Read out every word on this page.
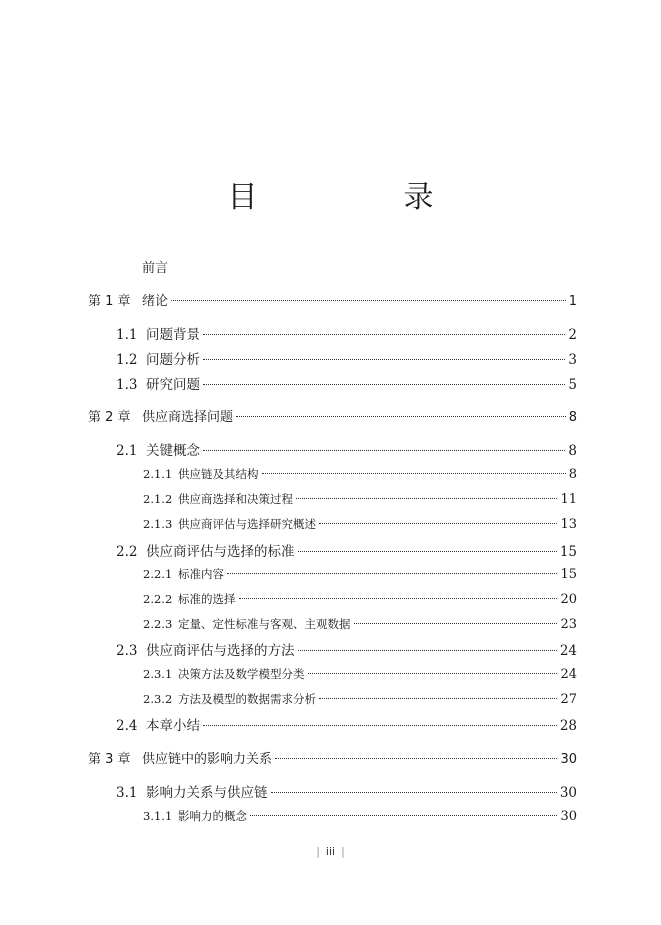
目　录
前言
第 1 章 绪论	1
1.1 问题背景	2
1.2 问题分析	3
1.3 研究问题	5
第 2 章 供应商选择问题	8
2.1 关键概念	8
2.1.1 供应链及其结构	8
2.1.2 供应商选择和决策过程	11
2.1.3 供应商评估与选择研究概述	13
2.2 供应商评估与选择的标准	15
2.2.1 标准内容	15
2.2.2 标准的选择	20
2.2.3 定量、定性标准与客观、主观数据	23
2.3 供应商评估与选择的方法	24
2.3.1 决策方法及数学模型分类	24
2.3.2 方法及模型的数据需求分析	27
2.4 本章小结	28
第 3 章 供应链中的影响力关系	30
3.1 影响力关系与供应链	30
3.1.1 影响力的概念	30
| iii |
